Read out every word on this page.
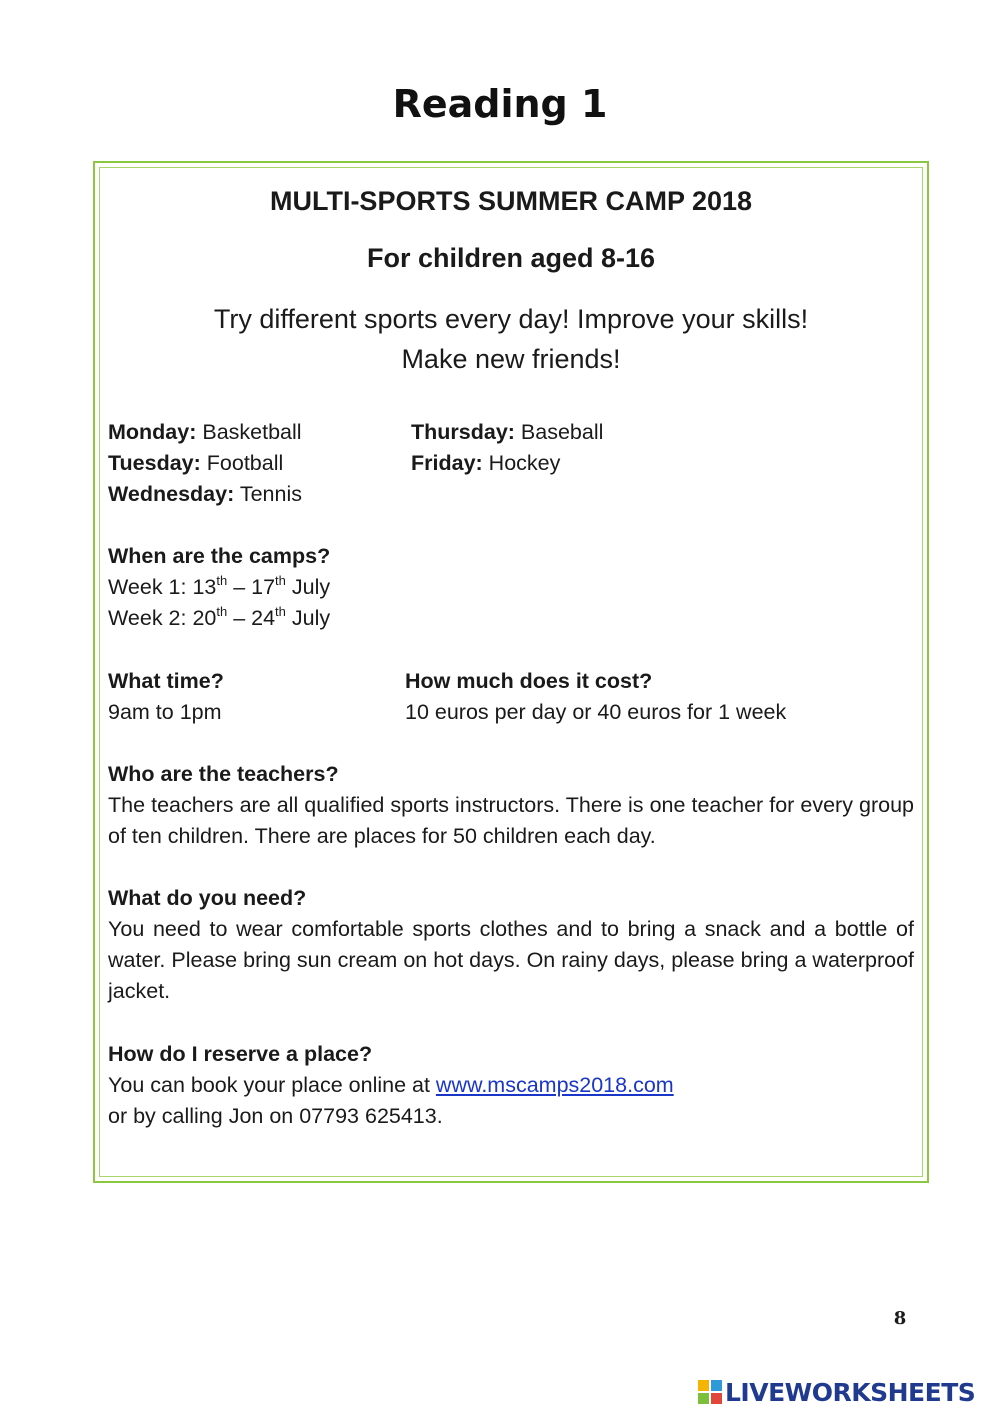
Reading 1
MULTI-SPORTS SUMMER CAMP 2018
For children aged 8-16
Try different sports every day! Improve your skills!
Make new friends!
Monday: Basketball
Tuesday: Football
Wednesday: Tennis
Thursday: Baseball
Friday: Hockey
When are the camps?
Week 1: 13th – 17th July
Week 2: 20th – 24th July
What time?
9am to 1pm
How much does it cost?
10 euros per day or 40 euros for 1 week
Who are the teachers?
The teachers are all qualified sports instructors. There is one teacher for every group of ten children. There are places for 50 children each day.
What do you need?
You need to wear comfortable sports clothes and to bring a snack and a bottle of water. Please bring sun cream on hot days. On rainy days, please bring a waterproof jacket.
How do I reserve a place?
You can book your place online at www.mscamps2018.com
or by calling Jon on 07793 625413.
8
LIVEWORKSHEETS
